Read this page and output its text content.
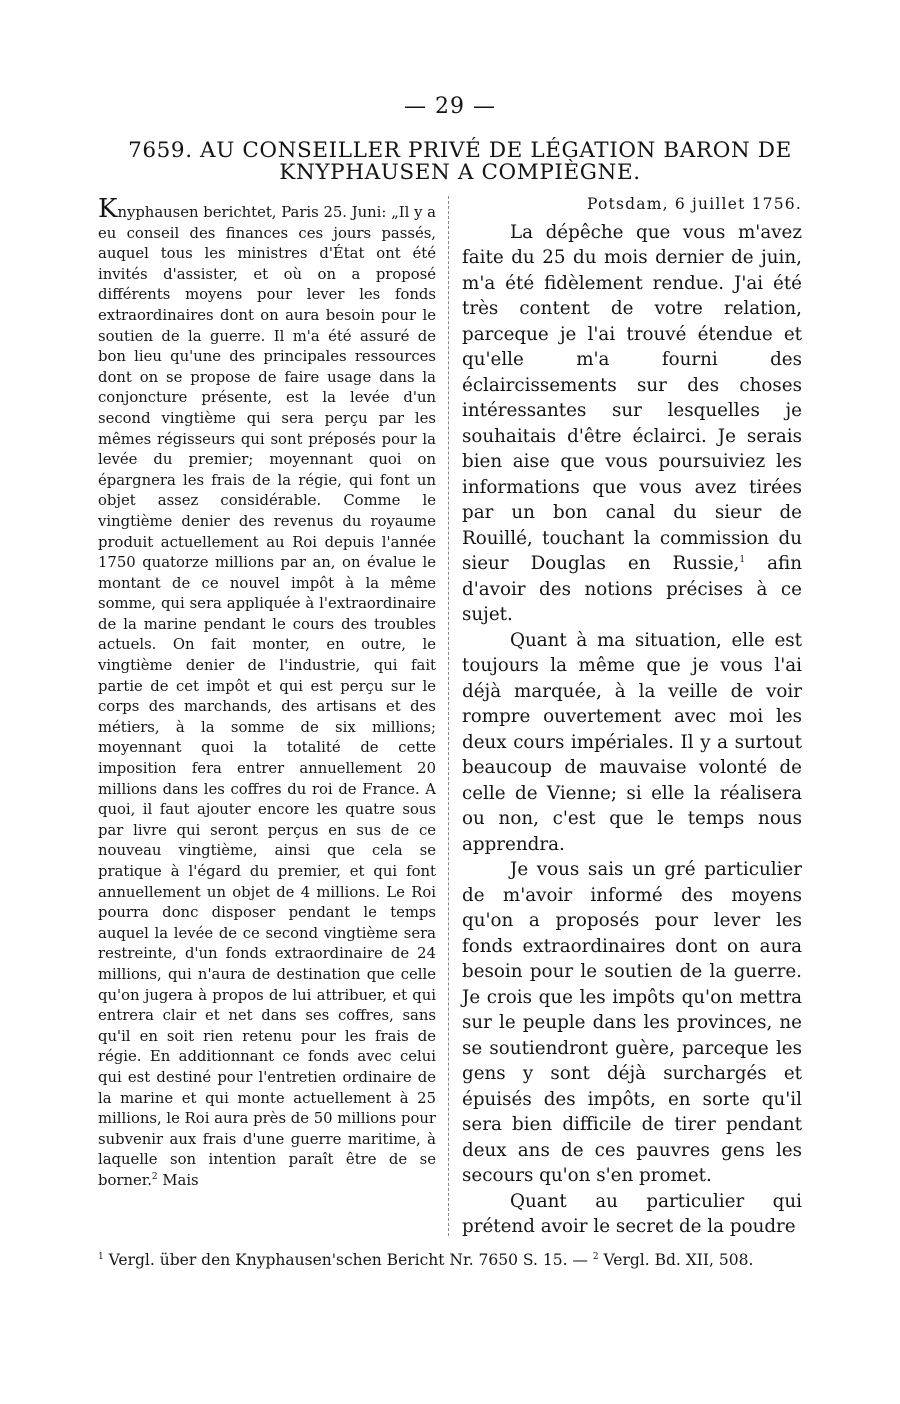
— 29 —
7659. AU CONSEILLER PRIVÉ DE LÉGATION BARON DE
KNYPHAUSEN A COMPIÈGNE.

Knyphausen berichtet, Paris 25. Juni: „Il y a eu conseil des finances ces jours passés, auquel tous les ministres d'État ont été invités d'assister, et où on a proposé différents moyens pour lever les fonds extraordinaires dont on aura besoin pour le soutien de la guerre. Il m'a été assuré de bon lieu qu'une des principales ressources dont on se propose de faire usage dans la conjoncture présente, est la levée d'un second vingtième qui sera perçu par les mêmes régisseurs qui sont préposés pour la levée du premier; moyennant quoi on épargnera les frais de la régie, qui font un objet assez considérable. Comme le vingtième denier des revenus du royaume produit actuellement au Roi depuis l'année 1750 quatorze millions par an, on évalue le montant de ce nouvel impôt à la même somme, qui sera appliquée à l'extraordinaire de la marine pendant le cours des troubles actuels. On fait monter, en outre, le vingtième denier de l'industrie, qui fait partie de cet impôt et qui est perçu sur le corps des marchands, des artisans et des métiers, à la somme de six millions; moyennant quoi la totalité de cette imposition fera entrer annuellement 20 millions dans les coffres du roi de France. A quoi, il faut ajouter encore les quatre sous par livre qui seront perçus en sus de ce nouveau vingtième, ainsi que cela se pratique à l'égard du premier, et qui font annuellement un objet de 4 millions. Le Roi pourra donc disposer pendant le temps auquel la levée de ce second vingtième sera restreinte, d'un fonds extraordinaire de 24 millions, qui n'aura de destination que celle qu'on jugera à propos de lui attribuer, et qui entrera clair et net dans ses coffres, sans qu'il en soit rien retenu pour les frais de régie. En additionnant ce fonds avec celui qui est destiné pour l'entretien ordinaire de la marine et qui monte actuellement à 25 millions, le Roi aura près de 50 millions pour subvenir aux frais d'une guerre maritime, à laquelle son intention paraît être de se borner.$^2$ Mais

Potsdam, 6 juillet 1756.

La dépêche que vous m'avez faite du 25 du mois dernier de juin, m'a été fidèlement rendue. J'ai été très content de votre relation, parceque je l'ai trouvé étendue et qu'elle m'a fourni des éclaircissements sur des choses intéressantes sur lesquelles je souhaitais d'être éclairci. Je serais bien aise que vous poursuiviez les informations que vous avez tirées par un bon canal du sieur de Rouillé, touchant la commission du sieur Douglas en Russie,$^1$ afin d'avoir des notions précises à ce sujet.

Quant à ma situation, elle est toujours la même que je vous l'ai déjà marquée, à la veille de voir rompre ouvertement avec moi les deux cours impériales. Il y a surtout beaucoup de mauvaise volonté de celle de Vienne; si elle la réalisera ou non, c'est que le temps nous apprendra.

Je vous sais un gré particulier de m'avoir informé des moyens qu'on a proposés pour lever les fonds extraordinaires dont on aura besoin pour le soutien de la guerre. Je crois que les impôts qu'on mettra sur le peuple dans les provinces, ne se soutiendront guère, parceque les gens y sont déjà surchargés et épuisés des impôts, en sorte qu'il sera bien difficile de tirer pendant deux ans de ces pauvres gens les secours qu'on s'en promet.

Quant au particulier qui prétend avoir le secret de la poudre

$^1$ Vergl. über den Knyphausen'schen Bericht Nr. 7650 S. 15. — $^2$ Vergl. Bd. XII, 508.
